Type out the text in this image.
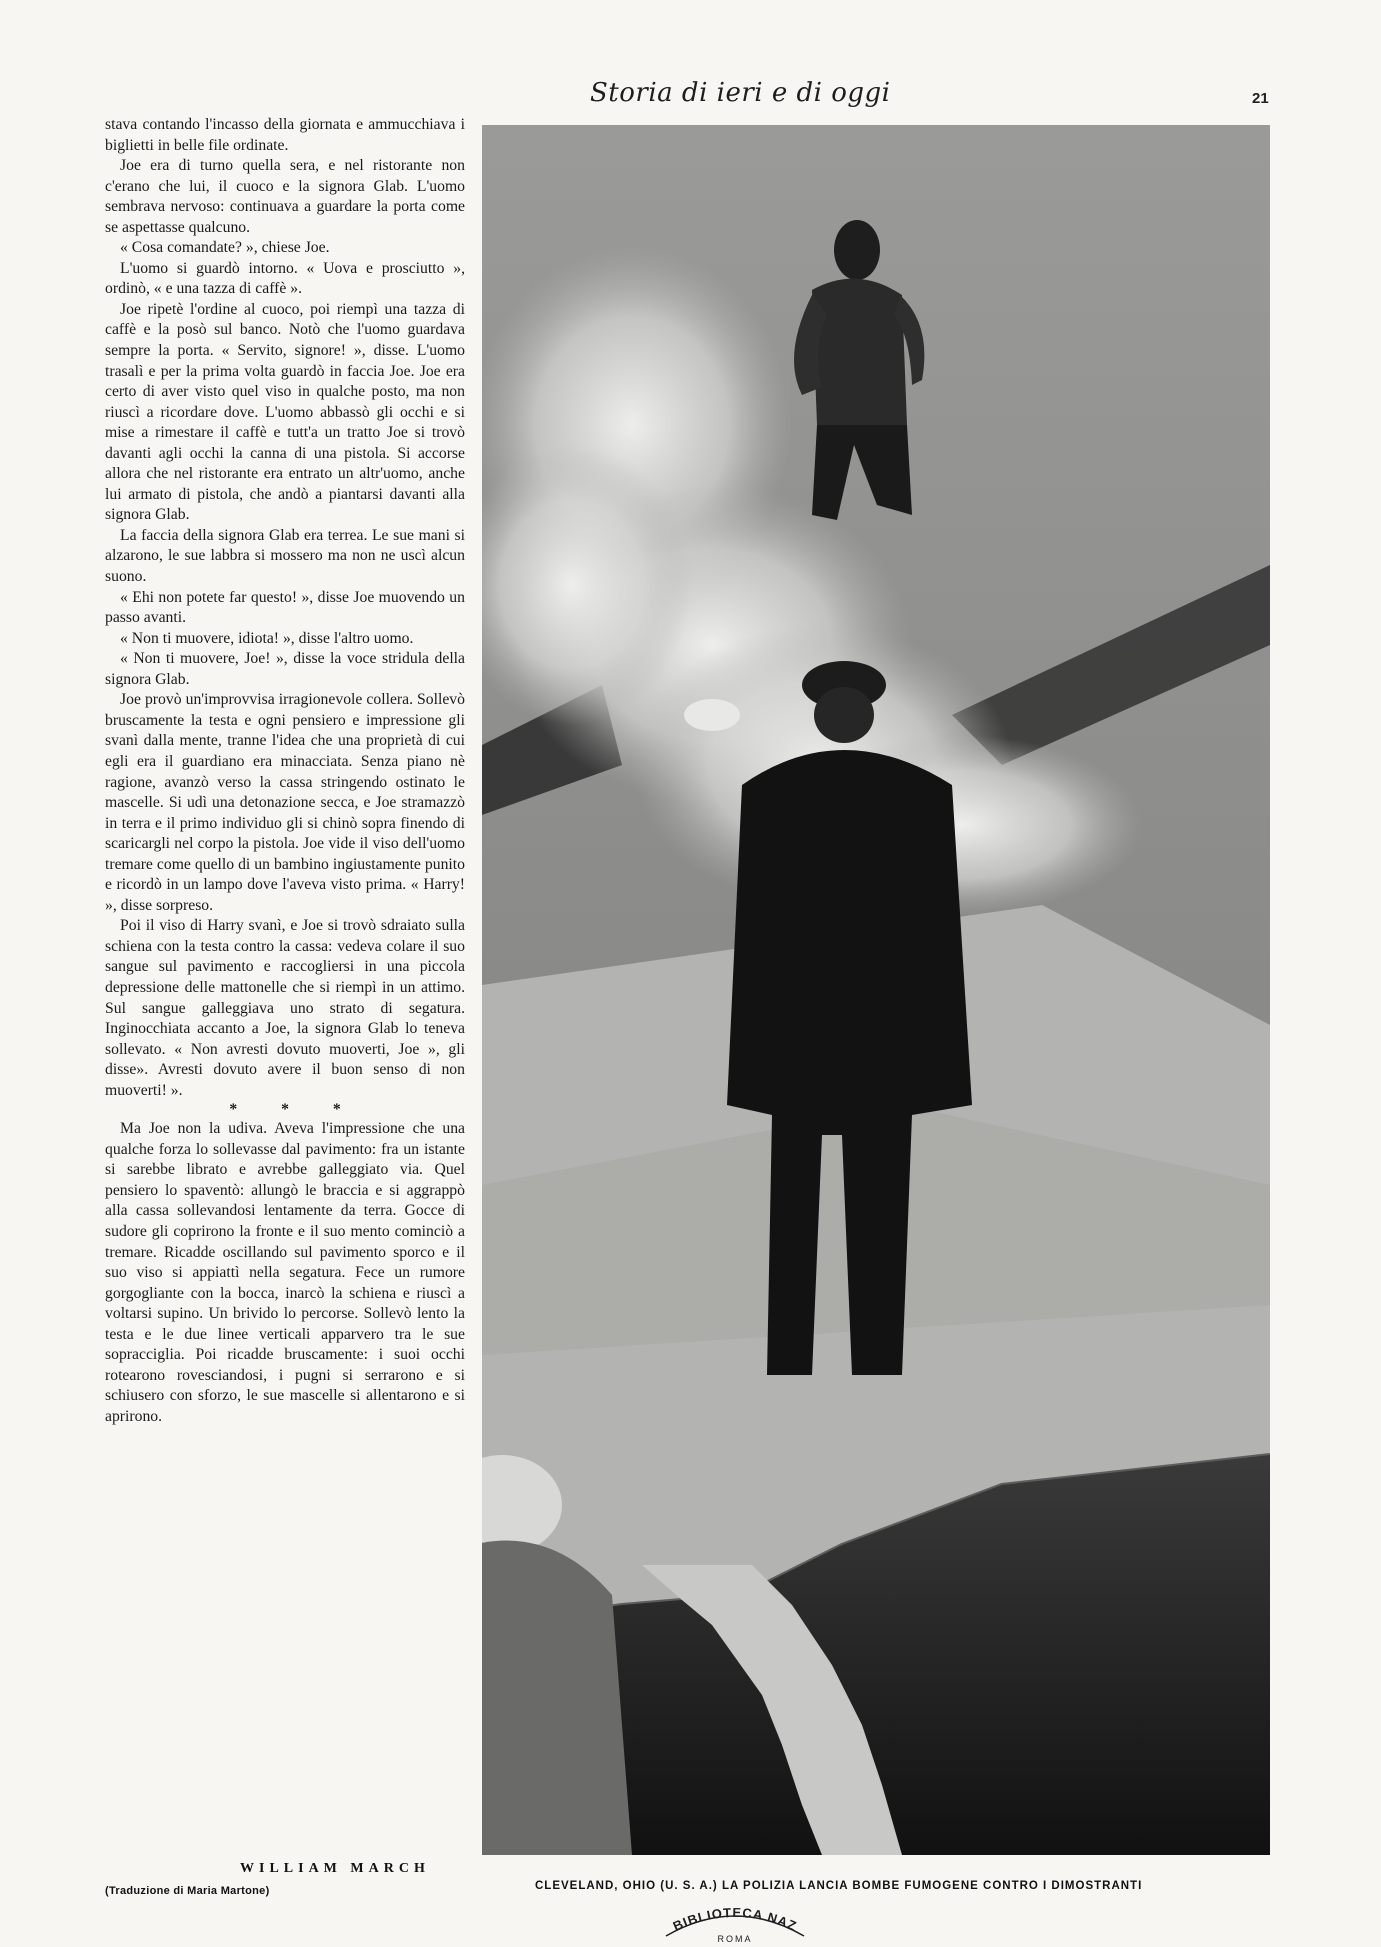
Storia di ieri e di oggi	21

stava contando l'incasso della giornata e ammucchiava i biglietti in belle file ordinate.

Joe era di turno quella sera, e nel ristorante non c'erano che lui, il cuoco e la signora Glab. L'uomo sembrava nervoso: continuava a guardare la porta come se aspettasse qualcuno.

« Cosa comandate? », chiese Joe.

L'uomo si guardò intorno. « Uova e prosciutto », ordinò, « e una tazza di caffè ».

Joe ripetè l'ordine al cuoco, poi riempì una tazza di caffè e la posò sul banco. Notò che l'uomo guardava sempre la porta. « Servito, signore! », disse. L'uomo trasalì e per la prima volta guardò in faccia Joe. Joe era certo di aver visto quel viso in qualche posto, ma non riuscì a ricordare dove. L'uomo abbassò gli occhi e si mise a rimestare il caffè e tutt'a un tratto Joe si trovò davanti agli occhi la canna di una pistola. Si accorse allora che nel ristorante era entrato un altr'uomo, anche lui armato di pistola, che andò a piantarsi davanti alla signora Glab.

La faccia della signora Glab era terrea. Le sue mani si alzarono, le sue labbra si mossero ma non ne uscì alcun suono.

« Ehi non potete far questo! », disse Joe muovendo un passo avanti.

« Non ti muovere, idiota! », disse l'altro uomo.

« Non ti muovere, Joe! », disse la voce stridula della signora Glab.

Joe provò un'improvvisa irragionevole collera. Sollevò bruscamente la testa e ogni pensiero e impressione gli svanì dalla mente, tranne l'idea che una proprietà di cui egli era il guardiano era minacciata. Senza piano nè ragione, avanzò verso la cassa stringendo ostinato le mascelle. Si udì una detonazione secca, e Joe stramazzò in terra e il primo individuo gli si chinò sopra finendo di scaricargli nel corpo la pistola. Joe vide il viso dell'uomo tremare come quello di un bambino ingiustamente punito e ricordò in un lampo dove l'aveva visto prima. « Harry! », disse sorpreso.

Poi il viso di Harry svanì, e Joe si trovò sdraiato sulla schiena con la testa contro la cassa: vedeva colare il suo sangue sul pavimento e raccogliersi in una piccola depressione delle mattonelle che si riempì in un attimo. Sul sangue galleggiava uno strato di segatura. Inginocchiata accanto a Joe, la signora Glab lo teneva sollevato. « Non avresti dovuto muoverti, Joe », gli disse». Avresti dovuto avere il buon senso di non muoverti! ».

* * *

Ma Joe non la udiva. Aveva l'impressione che una qualche forza lo sollevasse dal pavimento: fra un istante si sarebbe librato e avrebbe galleggiato via. Quel pensiero lo spaventò: allungò le braccia e si aggrappò alla cassa sollevandosi lentamente da terra. Gocce di sudore gli coprirono la fronte e il suo mento cominciò a tremare. Ricadde oscillando sul pavimento sporco e il suo viso si appiattì nella segatura. Fece un rumore gorgogliante con la bocca, inarcò la schiena e riuscì a voltarsi supino. Un brivido lo percorse. Sollevò lento la testa e le due linee verticali apparvero tra le sue sopracciglia. Poi ricadde bruscamente: i suoi occhi rotearono rovesciandosi, i pugni si serrarono e si schiusero con sforzo, le sue mascelle si allentarono e si aprirono.

WILLIAM MARCH
(Traduzione di Maria Martone)	CLEVELAND, OHIO (U. S. A.) LA POLIZIA LANCIA BOMBE FUMOGENE CONTRO I DIMOSTRANTI
BIBLIOTECA NAZ
ROMA
